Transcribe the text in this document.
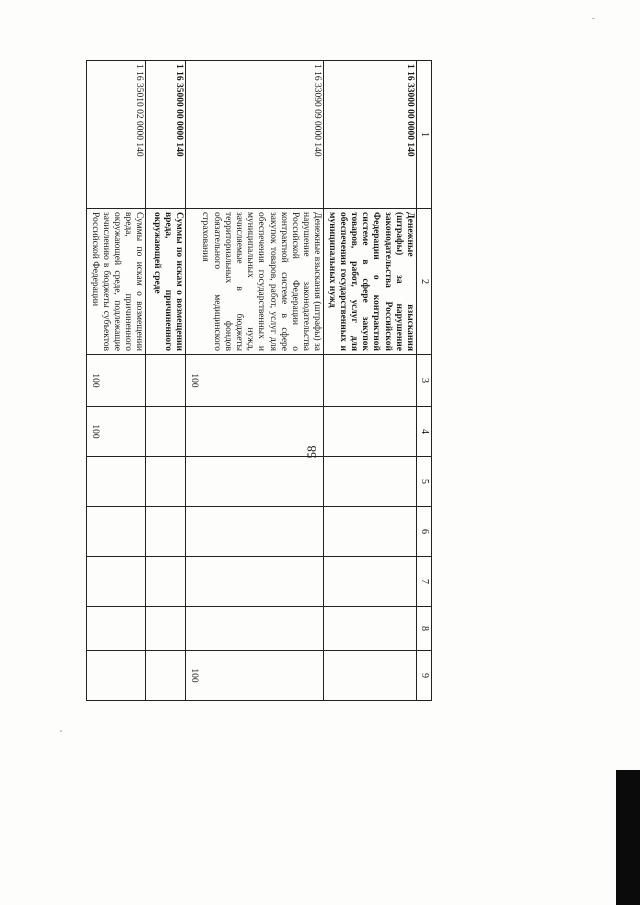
58
1	2	3	4	5	6	7	8	9
1 16 33000 00 0000 140	Денежные взыскания (штрафы) за нарушение законодательства Российской Федерации о контрактной системе в сфере закупок товаров, работ, услуг для обеспечения государственных и муниципальных нужд							
1 16 33090 09 0000 140	Денежные взыскания (штрафы) за нарушение законодательства Российской Федерации о контрактной системе в сфере закупок товаров, работ, услуг для обеспечения государственных и муниципальных нужд, зачисляемые в бюджеты территориальных фондов обязательного медицинского страхования	100						100
1 16 35000 00 0000 140	Суммы по искам о возмещении вреда, причиненного окружающей среде							
1 16 35010 02 0000 140	Суммы по искам о возмещении вреда, причиненного окружающей среде, подлежащие зачислению в бюджеты субъектов Российской Федерации	100	100					
